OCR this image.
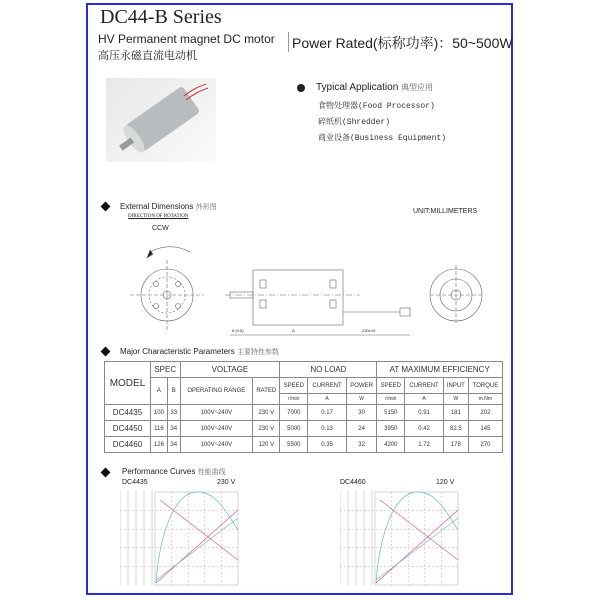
DC44-B Series
HV Permanent magnet DC motor
高压永磁直流电动机
Power Rated(标称功率)：50~500W
Typical Application 典型应用
食物处理器(Food Processor)
碎纸机(Shredder)
商业设备(Business Equipment)
External Dimensions 外形图
DIRECTION OF ROTATION
CCW
UNIT:MILLIMETERS
8 (0.5)	A	230±15
Major Characteristic Parameters 主要特性参数
MODEL	SPEC		VOLTAGE		NO LOAD			AT MAXIMUM EFFICIENCY			
	A	B	OPERATING RANGE	RATED	SPEED	CURRENT	POWER	SPEED	CURRENT	INPUT	TORQUE
					r/min	A	W	r/min	A	W	m.Nm
DC4435	100	33	100V~240V	230 V	7000	0.17	30	5150	0.91	181	202
DC4450	116	34	100V~240V	230 V	5000	0.13	24	3950	0.42	82.5	145
DC4460	126	34	100V~240V	120 V	5500	0.35	32	4200	1.72	178	270
Performance Curves 性能曲线
DC4435	230 V	DC4460	120 V
